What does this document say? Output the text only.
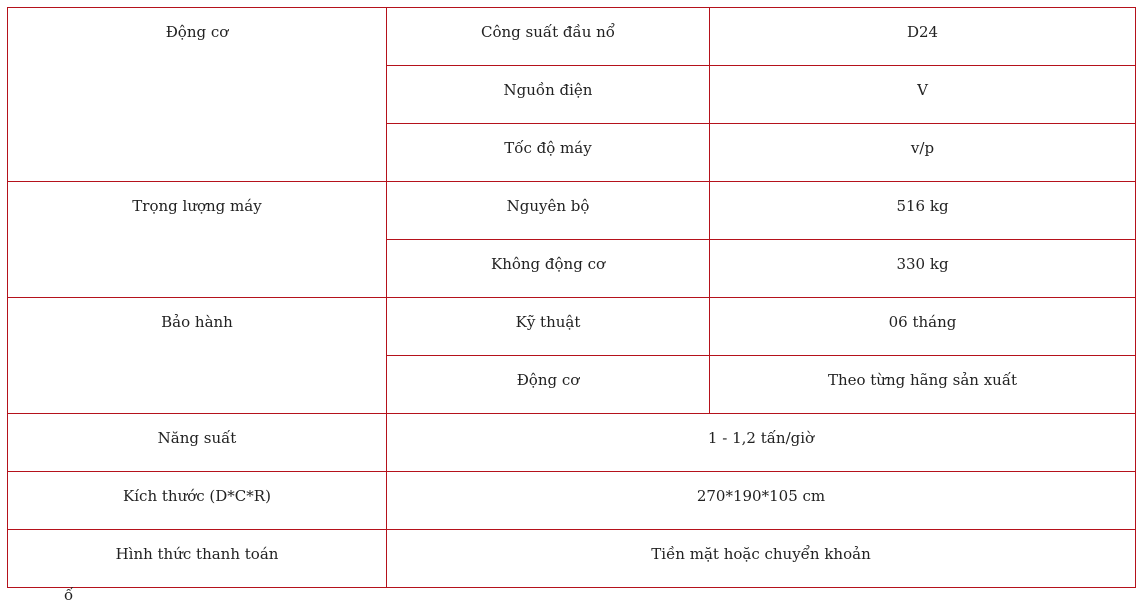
Động cơ	Công suất đầu nổ	D24

	Nguồn điện	V

	Tốc độ máy	v/p

Trọng lượng máy	Nguyên bộ	516 kg

	Không động cơ	330 kg

Bảo hành	Kỹ thuật	06 tháng

	Động cơ	Theo từng hãng sản xuất

Năng suất	1 - 1,2 tấn/giờ	

Kích thước (D*C*R)	270*190*105 cm	

Hình thức thanh toán	Tiền mặt hoặc chuyển khoản	
ố
